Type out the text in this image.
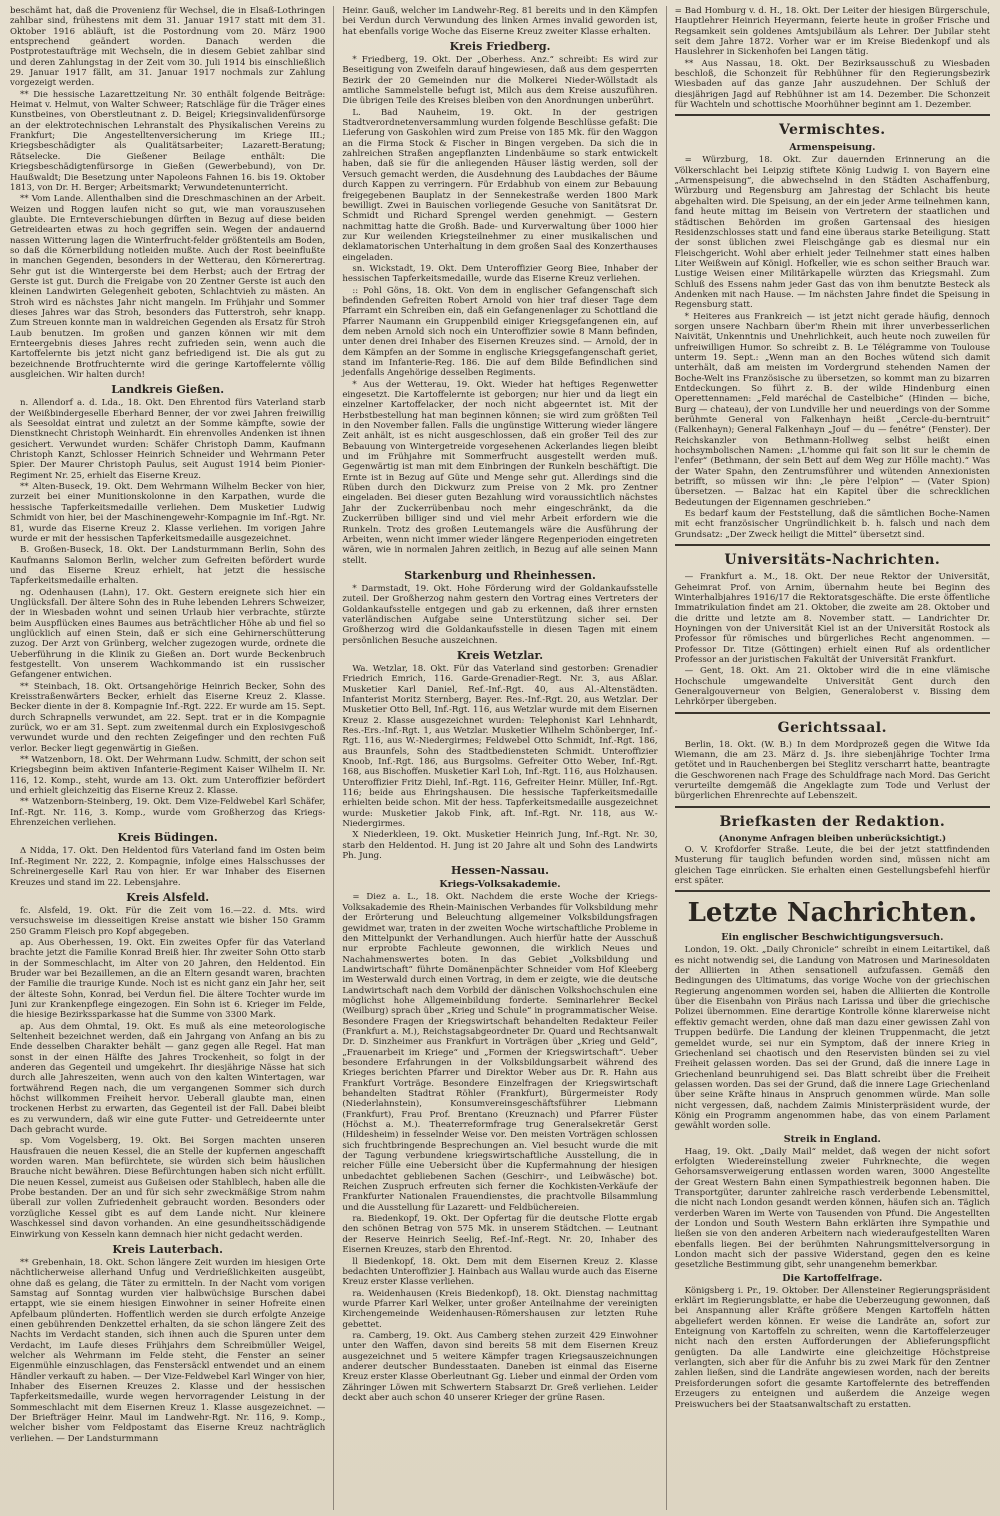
beschämt hat, daß die Provenienz für Wechsel, die in Elsaß-Lothringen zahlbar sind, frühestens mit dem 31. Januar 1917 statt mit dem 31. Oktober 1916 abläuft, ist die Postordnung vom 20. März 1900 entsprechend geändert worden. Danach werden die Postprotestaufträge mit Wechseln, die in diesem Gebiet zahlbar sind und deren Zahlungstag in der Zeit vom 30. Juli 1914 bis einschließlich 29. Januar 1917 fällt, am 31. Januar 1917 nochmals zur Zahlung vorgezeigt werden.

** Die hessische Lazarettzeitung Nr. 30 enthält folgende Beiträge: Heimat v. Helmut, von Walter Schweer; Ratschläge für die Träger eines Kunstbeines, von Oberstleutnant z. D. Beigel; Kriegsinvalidenfürsorge an der elektrotechnischen Lehranstalt des Physikalischen Vereins zu Frankfurt; Die Angestelltenversicherung im Kriege III.; Kriegsbeschädigter als Qualitätsarbeiter; Lazarett-Beratung; Rätselecke. Die Gießener Beilage enthält: Die Kriegsbeschädigtenfürsorge in Gießen (Gewerbebund), von Dr. Haußwaldt; Die Besetzung unter Napoleons Fahnen 16. bis 19. Oktober 1813, von Dr. H. Berger; Arbeitsmarkt; Verwundetenunterricht.

** Vom Lande. Allenthalben sind die Dreschmaschinen an der Arbeit. Weizen und Roggen laufen nicht so gut, wie man vorauszusehen glaubte. Die Ernteverschiebungen dürften in Bezug auf diese beiden Getreidearten etwas zu hoch gegriffen sein. Wegen der andauernd nassen Witterung lagen die Winterfrucht-felder größtenteils am Boden, so daß die Körnerbildung notleiden mußte. Auch der Rost beeinflußte in manchen Gegenden, besonders in der Wetterau, den Körnerertrag. Sehr gut ist die Wintergerste bei dem Herbst; auch der Ertrag der Gerste ist gut. Durch die Freigabe von 20 Zentner Gerste ist auch den kleinen Landwirten Gelegenheit geboten, Schlachtvieh zu mästen. An Stroh wird es nächstes Jahr nicht mangeln. Im Frühjahr und Sommer dieses Jahres war das Stroh, besonders das Futterstroh, sehr knapp. Zum Streuen konnte man in waldreichen Gegenden als Ersatz für Stroh Laub benutzen. Im großen und ganzen können wir mit dem Ernteergebnis dieses Jahres recht zufrieden sein, wenn auch die Kartoffelernte bis jetzt nicht ganz befriedigend ist. Die als gut zu bezeichnende Brotfruchternte wird die geringe Kartoffelernte völlig ausgleichen. Wir halten durch!

Landkreis Gießen.

n. Allendorf a. d. Lda., 18. Okt. Den Ehrentod fürs Vaterland starb der Weißbindergeselle Eberhard Benner, der vor zwei Jahren freiwillig als Seesoldat eintrat und zuletzt an der Somme kämpfte, sowie der Dienstknecht Christoph Weinhardt. Ein ehrenvolles Andenken ist ihnen gesichert. Verwundet wurden: Schäfer Christoph Damm, Kaufmann Christoph Kanzt, Schlosser Heinrich Schneider und Wehrmann Peter Spier. Der Maurer Christoph Paulus, seit August 1914 beim Pionier-Regiment Nr. 25, erhielt das Eiserne Kreuz.

** Alten-Buseck, 19. Okt. Dem Wehrmann Wilhelm Becker von hier, zurzeit bei einer Munitionskolonne in den Karpathen, wurde die hessische Tapferkeitsmedaille verliehen. Dem Musketier Ludwig Schmidt von hier, bei der Maschinengewehr-Kompagnie im Inf.-Rgt. Nr. 81, wurde das Eiserne Kreuz 2. Klasse verliehen. Im vorigen Jahre wurde er mit der hessischen Tapferkeitsmedaille ausgezeichnet.

B. Großen-Buseck, 18. Okt. Der Landsturmmann Berlin, Sohn des Kaufmanns Salomon Berlin, welcher zum Gefreiten befördert wurde und das Eiserne Kreuz erhielt, hat jetzt die hessische Tapferkeitsmedaille erhalten.

ng. Odenhausen (Lahn), 17. Okt. Gestern ereignete sich hier ein Unglücksfall. Der ältere Sohn des in Ruhe lebenden Lehrers Schweizer, der in Wiesbaden wohnt und seinen Urlaub hier verbrachte, stürzte beim Auspflücken eines Baumes aus beträchtlicher Höhe ab und fiel so unglücklich auf einen Stein, daß er sich eine Gehirnerschütterung zuzog. Der Arzt von Grünberg, welcher zugezogen wurde, ordnete die Ueberführung in die Klinik zu Gießen an. Dort wurde Beckenbruch festgestellt. Von unserem Wachkommando ist ein russischer Gefangener entwichen.

** Steinbach, 18. Okt. Ortsangehörige Heinrich Becker, Sohn des Kreisstraßenwärters Becker, erhielt das Eiserne Kreuz 2. Klasse. Becker diente in der 8. Kompagnie Inf.-Rgt. 222. Er wurde am 15. Sept. durch Schrapnells verwundet, am 22. Sept. trat er in die Kompagnie zurück, wo er am 31. Sept. zum zweitenmal durch ein Explosivgeschoß verwundet wurde und den rechten Zeigefinger und den rechten Fuß verlor. Becker liegt gegenwärtig in Gießen.

** Watzenborn, 18. Okt. Der Wehrmann Ludw. Schmitt, der schon seit Kriegsbeginn beim aktiven Infanterie-Regiment Kaiser Wilhelm II. Nr. 116, 12. Komp., steht, wurde am 13. Okt. zum Unteroffizier befördert und erhielt gleichzeitig das Eiserne Kreuz 2. Klasse.

** Watzenborn-Steinberg, 19. Okt. Dem Vize-Feldwebel Karl Schäfer, Inf.-Rgt. Nr. 116, 3. Komp., wurde vom Großherzog das Kriegs-Ehrenzeichen verliehen.

Kreis Büdingen.

Δ Nidda, 17. Okt. Den Heldentod fürs Vaterland fand im Osten beim Inf.-Regiment Nr. 222, 2. Kompagnie, infolge eines Halsschusses der Schreinergeselle Karl Rau von hier. Er war Inhaber des Eisernen Kreuzes und stand im 22. Lebensjahre.

Kreis Alsfeld.

fc. Alsfeld, 19. Okt. Für die Zeit vom 16.—22. d. Mts. wird versuchsweise im diesseitigen Kreise anstatt wie bisher 150 Gramm 250 Gramm Fleisch pro Kopf abgegeben.

ap. Aus Oberhessen, 19. Okt. Ein zweites Opfer für das Vaterland brachte jetzt die Familie Konrad Breiß hier. Ihr zweiter Sohn Otto starb in der Sommeschlacht, im Alter von 20 Jahren, den Heldentod. Ein Bruder war bei Bezaillemen, an die an Eltern gesandt waren, brachten der Familie die traurige Kunde. Noch ist es nicht ganz ein Jahr her, seit der älteste Sohn, Konrad, bei Verdun fiel. Die ältere Tochter wurde im Juni zur Krankenpflege eingezogen. Ein Sohn ist 6. Krieger im Felde, die hiesige Bezirkssparkasse hat die Summe von 3300 Mark.

ap. Aus dem Ohmtal, 19. Okt. Es muß als eine meteorologische Seltenheit bezeichnet werden, daß ein Jahrgang von Anfang an bis zu Ende desselben Charakter behält — ganz gegen alle Regel. Hat man sonst in der einen Hälfte des Jahres Trockenheit, so folgt in der anderen das Gegenteil und umgekehrt. Ihr diesjährige Nässe hat sich durch alle Jahreszeiten, wenn auch von den kalten Wintertagen, war fortwährend Regen nach, die um vergangenen Sommer sich durch höchst willkommen Freiheit hervor. Ueberall glaubte man, einen trockenen Herbst zu erwarten, das Gegenteil ist der Fall. Dabei bleibt es zu verwundern, daß wir eine gute Futter- und Getreideernte unter Dach gebracht wurde.

sp. Vom Vogelsberg, 19. Okt. Bei Sorgen machten unseren Hausfrauen die neuen Kessel, die an Stelle der kupfernen angeschafft worden waren. Man befürchtete, sie würden sich beim häuslichen Brauche nicht bewähren. Diese Befürchtungen haben sich nicht erfüllt. Die neuen Kessel, zumeist aus Gußeisen oder Stahlblech, haben alle die Probe bestanden. Der an und für sich sehr zweckmäßige Strom nahm überall zur vollen Zufriedenheit gebraucht worden. Besonders oder vorzügliche Kessel gibt es auf dem Lande nicht. Nur kleinere Waschkessel sind davon vorhanden. An eine gesundheitsschädigende Einwirkung von Kesseln kann demnach hier nicht gedacht werden.

Kreis Lauterbach.

** Grebenhain, 18. Okt. Schon längere Zeit wurden im hiesigen Orte nächtlicherweise allerhand Unfug und Verdrießlichkeiten ausgeübt, ohne daß es gelang, die Täter zu ermitteln. In der Nacht vom vorigen Samstag auf Sonntag wurden vier halbwüchsige Burschen dabei ertappt, wie sie einem hiesigen Einwohner in seiner Hofreite einen Apfelbaum plünderten. Hoffentlich werden sie durch erfolgte Anzeige einen gebührenden Denkzettel erhalten, da sie schon längere Zeit des Nachts im Verdacht standen, sich ihnen auch die Spuren unter dem Verdacht, im Laufe dieses Frühjahrs dem Schreibmüller Weigel, welcher als Wehrmann im Felde steht, die Fenster an seiner Eigenmühle einzuschlagen, das Fenstersäckl entwendet und an einem Händler verkauft zu haben. — Der Vize-Feldwebel Karl Winger von hier, Inhaber des Eisernen Kreuzes 2. Klasse und der hessischen Tapferkeitsmedaille, wurde wegen hervorragender Leistung in der Sommeschlacht mit dem Eisernen Kreuz 1. Klasse ausgezeichnet. — Der Briefträger Heinr. Maul im Landwehr-Rgt. Nr. 116, 9. Komp., welcher bisher vom Feldpostamt das Eiserne Kreuz nachträglich verliehen. — Der Landsturmmann

Heinr. Gauß, welcher im Landwehr-Reg. 81 bereits und in den Kämpfen bei Verdun durch Verwundung des linken Armes invalid geworden ist, hat ebenfalls vorige Woche das Eiserne Kreuz zweiter Klasse erhalten.

Kreis Friedberg.

* Friedberg, 19. Okt. Der „Oberhess. Anz.“ schreibt: Es wird zur Beseitigung von Zweifeln darauf hingewiesen, daß aus dem gesperrten Bezirk der 20 Gemeinden nur die Molkerei Nieder-Wöllstadt als amtliche Sammelstelle befugt ist, Milch aus dem Kreise auszuführen. Die übrigen Teile des Kreises bleiben von den Anordnungen unberührt.

L. Bad Nauheim, 19. Okt. In der gestrigen Stadtverordnetenversammlung wurden folgende Beschlüsse gefaßt: Die Lieferung von Gaskohlen wird zum Preise von 185 Mk. für den Waggon an die Firma Stock & Fischer in Bingen vergeben. Da sich die in zahlreichen Straßen angepflanzten Lindenbäume so stark entwickelt haben, daß sie für die anliegenden Häuser lästig werden, soll der Versuch gemacht werden, die Ausdehnung des Laubdaches der Bäume durch Kappen zu verringern. Für Erdabhub von einem zur Bebauung freigegebenen Bauplatz in der Sennekestraße werden 1800 Mark bewilligt. Zwei in Bauischen vorliegende Gesuche von Sanitätsrat Dr. Schmidt und Richard Sprengel werden genehmigt. — Gestern nachmittag hatte die Großh. Bade- und Kurverwaltung über 1000 hier zur Kur weilenden Kriegsteilnehmer zu einer musikalischen und deklamatorischen Unterhaltung in dem großen Saal des Konzerthauses eingeladen.

sn. Wickstadt, 19. Okt. Dem Unteroffizier Georg Biee, Inhaber der hessischen Tapferkeitsmedaille, wurde das Eiserne Kreuz verliehen.

:: Pohl Göns, 18. Okt. Von dem in englischer Gefangenschaft sich befindenden Gefreiten Robert Arnold von hier traf dieser Tage dem Pfarramt ein Schreiben ein, daß ein Gefangenenlager zu Schottland die Pfarrer Naumann ein Gruppenbild einiger Kriegsgefangenen ein, auf dem neben Arnold sich noch ein Unteroffizier sowie 8 Mann befinden, unter denen drei Inhaber des Eisernen Kreuzes sind. — Arnold, der in dem Kämpfen an der Somme in englische Kriegsgefangenschaft geriet, stand im Infanterie-Reg. 186. Die auf dem Bilde Befindlichen sind jedenfalls Angehörige desselben Regiments.

* Aus der Wetterau, 19. Okt. Wieder hat heftiges Regenwetter eingesetzt. Die Kartoffelernte ist geborgen; nur hier und da liegt ein einzelner Kartoffelacker, der noch nicht abgeerntet ist. Mit der Herbstbestellung hat man beginnen können; sie wird zum größten Teil in den November fallen. Falls die ungünstige Witterung wieder längere Zeit anhält, ist es nicht ausgeschlossen, daß ein großer Teil des zur Bebauung von Wintergetreide vorgesehenen Ackerlandes liegen bleibt und im Frühjahre mit Sommerfrucht ausgestellt werden muß. Gegenwärtig ist man mit dem Einbringen der Runkeln beschäftigt. Die Ernte ist in Bezug auf Güte und Menge sehr gut. Allerdings sind die Rüben durch den Dickwurz zum Preise von 2 Mk. pro Zentner eingeladen. Bei dieser guten Bezahlung wird voraussichtlich nächstes Jahr der Zuckerrübenbau noch mehr eingeschränkt, da die Zuckerrüben billiger sind und viel mehr Arbeit erfordern wie die Runkeln. Trotz des großen Leutemangels wäre die Ausführung der Arbeiten, wenn nicht immer wieder längere Regenperioden eingetreten wären, wie in normalen Jahren zeitlich, in Bezug auf alle seinen Mann stellt.

Starkenburg und Rheinhessen.

* Darmstadt, 19. Okt. Hohe Förderung wird der Goldankaufsstelle zuteil. Der Großherzog nahm gestern den Vortrag eines Vertreters der Goldankaufsstelle entgegen und gab zu erkennen, daß ihrer ernsten vaterländischen Aufgabe seine Unterstützung sicher sei. Der Großherzog wird die Goldankaufsstelle in diesen Tagen mit einem persönlichen Besuche auszeichnen.

Kreis Wetzlar.

Wa. Wetzlar, 18. Okt. Für das Vaterland sind gestorben: Grenadier Friedrich Emrich, 116. Garde-Grenadier-Regt. Nr. 3, aus Aßlar. Musketier Karl Daniel, Ref.-Inf.-Rgt. 40, aus Al.-Altenstädten. Infanterist Moritz Sternberg, Bayer. Res.-Inf.-Rgt. 20, aus Wetzlar. Der Musketier Otto Bell, Inf.-Rgt. 116, aus Wetzlar wurde mit dem Eisernen Kreuz 2. Klasse ausgezeichnet wurden: Telephonist Karl Lehnhardt, Res.-Ers.-Inf.-Rgt. 1, aus Wetzlar. Musketier Wilhelm Schönberger, Inf.-Rgt. 116, aus W.-Niedergirmes; Feldwebel Otto Schmidt, Inf.-Rgt. 186, aus Braunfels, Sohn des Stadtbediensteten Schmidt. Unteroffizier Knoob, Inf.-Rgt. 186, aus Burgsolms. Gefreiter Otto Weber, Inf.-Rgt. 168, aus Bischoffen. Musketier Karl Loh, Inf.-Rgt. 116, aus Holzhausen. Unteroffizier Fritz Diehl, Inf.-Rgt. 116, Gefreiter Heinr. Müller, Inf.-Rgt. 116; beide aus Ehringshausen. Die hessische Tapferkeitsmedaille erhielten beide schon. Mit der hess. Tapferkeitsmedaille ausgezeichnet wurde: Musketier Jakob Fink, aft. Inf.-Rgt. Nr. 118, aus W.-Niedergirmes.

X Niederkleen, 19. Okt. Musketier Heinrich Jung, Inf.-Rgt. Nr. 30, starb den Heldentod. H. Jung ist 20 Jahre alt und Sohn des Landwirts Ph. Jung.

Hessen-Nassau.
Kriegs-Volksakademie.

= Diez a. L., 18. Okt. Nachdem die erste Woche der Kriegs-Volksakademie des Rhein-Mainischen Verbandes für Volksbildung mehr der Erörterung und Beleuchtung allgemeiner Volksbildungsfragen gewidmet war, traten in der zweiten Woche wirtschaftliche Probleme in den Mittelpunkt der Verhandlungen. Auch hierfür hatte der Ausschuß nur erprobte Fachleute gewonnen, die wirklich Neues und Nachahmenswertes boten. In das Gebiet „Volksbildung und Landwirtschaft“ führte Domänenpächter Schneider vom Hof Kleeberg im Westerwald durch einen Vortrag, in dem er zeigte, wie die deutsche Landwirtschaft nach dem Vorbild der dänischen Volkshochschulen eine möglichst hohe Allgemeinbildung forderte. Seminarlehrer Beckel (Weilburg) sprach über „Krieg und Schule“ in programmatischer Weise. Besondere Fragen der Kriegswirtschaft behandelten Redakteur Feiler (Frankfurt a. M.), Reichstagsabgeordneter Dr. Quard und Rechtsanwalt Dr. D. Sinzheimer aus Frankfurt in Vorträgen über „Krieg und Geld“, „Frauenarbeit im Kriege“ und „Formen der Kriegswirtschaft“. Ueber besondere Erfahrungen in der Volksbildungsarbeit während des Krieges berichten Pfarrer und Direktor Weber aus Dr. R. Hahn aus Frankfurt Vorträge. Besondere Einzelfragen der Kriegswirtschaft behandelten Stadtrat Röhler (Frankfurt), Bürgermeister Rody (Niederlahnstein), Konsumvereinsgeschäftsführer Liebmann (Frankfurt), Frau Prof. Brentano (Kreuznach) und Pfarrer Füster (Höchst a. M.). Theaterreformfrage trug Generalsekretär Gerst (Hildesheim) in fesselnder Weise vor. Den meisten Vorträgen schlossen sich fruchtbringende Besprechungen an. Viel besucht wurde die mit der Tagung verbundene kriegswirtschaftliche Ausstellung, die in reicher Fülle eine Uebersicht über die Kupfermahnung der hiesigen unbedachtet gebliebenen Sachen (Geschirr-, und Leibwäsche) bot. Reichen Zuspruch erfreuten sich ferner die Kochkisten-Verkäufe der Frankfurter Nationalen Frauendienstes, die prachtvolle Bilsammlung und die Ausstellung für Lazarett- und Feldbüchereien.

ra. Biedenkopf, 19. Okt. Der Opfertag für die deutsche Flotte ergab den schönen Betrag von 575 Mk. in unserem Städtchen. — Leutnant der Reserve Heinrich Seelig, Ref.-Inf.-Regt. Nr. 20, Inhaber des Eisernen Kreuzes, starb den Ehrentod.

ll Biedenkopf, 18. Okt. Dem mit dem Eisernen Kreuz 2. Klasse bedachten Unteroffizier J. Hainbach aus Wallau wurde auch das Eiserne Kreuz erster Klasse verliehen.

ra. Weidenhausen (Kreis Biedenkopf), 18. Okt. Dienstag nachmittag wurde Pfarrer Karl Welker, unter großer Anteilnahme der vereinigten Kirchengemeinde Weidenhausen-Römershausen zur letzten Ruhe gebettet.

ra. Camberg, 19. Okt. Aus Camberg stehen zurzeit 429 Einwohner unter den Waffen, davon sind bereits 58 mit dem Eisernen Kreuz ausgezeichnet und 5 weitere Kämpfer tragen Kriegsauszeichnungen anderer deutscher Bundesstaaten. Daneben ist einmal das Eiserne Kreuz erster Klasse Oberleutnant Gg. Lieber und einmal der Orden vom Zähringer Löwen mit Schwertern Stabsarzt Dr. Greß verliehen. Leider deckt aber auch schon 40 unserer Krieger der grüne Rasen.

= Bad Homburg v. d. H., 18. Okt. Der Leiter der hiesigen Bürgerschule, Hauptlehrer Heinrich Heyermann, feierte heute in großer Frische und Regsamkeit sein goldenes Amtsjubiläum als Lehrer. Der Jubilar steht seit dem Jahre 1872. Vorher war er im Kreise Biedenkopf und als Hauslehrer in Sickenhofen bei Langen tätig.

** Aus Nassau, 18. Okt. Der Bezirksausschuß zu Wiesbaden beschloß, die Schonzeit für Rebhühner für den Regierungsbezirk Wiesbaden auf das ganze Jahr auszudehnen. Der Schluß der diesjährigen Jagd auf Rebhühner ist am 14. Dezember. Die Schonzeit für Wachteln und schottische Moorhühner beginnt am 1. Dezember.

Vermischtes.
Armenspeisung.

= Würzburg, 18. Okt. Zur dauernden Erinnerung an die Völkerschlacht bei Leipzig stiftete König Ludwig I. von Bayern eine „Armenspeisung“, die abwechselnd in den Städten Aschaffenburg, Würzburg und Regensburg am Jahrestag der Schlacht bis heute abgehalten wird. Die Speisung, an der ein jeder Arme teilnehmen kann, fand heute mittag im Beisein von Vertretern der staatlichen und städtischen Behörden im großen Gartensaal des hiesigen Residenzschlosses statt und fand eine überaus starke Beteiligung. Statt der sonst üblichen zwei Fleischgänge gab es diesmal nur ein Fleischgericht. Wohl aber erhielt jeder Teilnehmer statt eines halben Liter Weißwein auf Königl. Hofkeller, wie es schon seither Brauch war. Lustige Weisen einer Militärkapelle würzten das Kriegsmahl. Zum Schluß des Essens nahm jeder Gast das von ihm benutzte Besteck als Andenken mit nach Hause. — Im nächsten Jahre findet die Speisung in Regensburg statt.

* Heiteres aus Frankreich — ist jetzt nicht gerade häufig, dennoch sorgen unsere Nachbarn über'm Rhein mit ihrer unverbesserlichen Naivität, Unkenntnis und Unehrlichkeit, auch heute noch zuweilen für unfreiwilligen Humor. So schreibt z. B. Le Télégramme von Toulouse unterm 19. Sept.: „Wenn man an den Boches wütend sich damit unterhält, daß am meisten im Vordergrund stehenden Namen der Boche-Welt ins Französische zu übersetzen, so kommt man zu bizarren Entdeckungen. So führt z. B. der wilde Hindenburg einen Operettennamen: „Feld maréchal de Castelbiche“ (Hinden — biche, Burg — chateau), der von Lundville her und neuerdings von der Somme berühmte General von Falkenhayn heißt „Cercle-du-berntruit“ (Falkenhayn); General Falkenhayn „Jouf — du — fenétre“ (Fenster). Der Reichskanzler von Bethmann-Hollweg selbst heißt einen hochsymbolischen Namen: „L'homme qui fait son lit sur le chemin de l'enfer“ (Bethmann, der sein Bett auf dem Weg zur Hölle macht).“ Was der Water Spahn, den Zentrumsführer und wütenden Annexionisten betrifft, so müssen wir ihn: „le père l'elpion“ — (Vater Spion) übersetzen. — Balzac hat ein Kapitel über die schrecklichen Bedeutungen der Eigennamen geschrieben.“

Es bedarf kaum der Feststellung, daß die sämtlichen Boche-Namen mit echt französischer Ungründlichkeit b. h. falsch und nach dem Grundsatz: „Der Zweck heiligt die Mittel“ übersetzt sind.

Universitäts-Nachrichten.

— Frankfurt a. M., 18. Okt. Der neue Rektor der Universität, Geheimrat Prof. von Arnim, übernahm heute bei Beginn des Winterhalbjahres 1916/17 die Rektoratsgeschäfte. Die erste öffentliche Immatrikulation findet am 21. Oktober, die zweite am 28. Oktober und die dritte und letzte am 8. November statt. — Landrichter Dr. Hoyningen von der Universität Kiel ist an der Universität Rostock als Professor für römisches und bürgerliches Recht angenommen. — Professor Dr. Titze (Göttingen) erhielt einen Ruf als ordentlicher Professor an der juristischen Fakultät der Universität Frankfurt.

— Gent, 18. Okt. Am 21. Oktober wird die in eine vlämische Hochschule umgewandelte Universität Gent durch den Generalgouverneur von Belgien, Generaloberst v. Bissing dem Lehrkörper übergeben.

Gerichtssaal.

Berlin, 18. Okt. (W. B.) In dem Mordprozeß gegen die Witwe Ida Wiemann, die am 23. März d. Js. ihre siebenjährige Tochter Irma getötet und in Rauchenbergen bei Steglitz verscharrt hatte, beantragte die Geschworenen nach Frage des Schuldfrage nach Mord. Das Gericht verurteilte demgemäß die Angeklagte zum Tode und Verlust der bürgerlichen Ehrenrechte auf Lebenszeit.

Briefkasten der Redaktion.
(Anonyme Anfragen bleiben unberücksichtigt.)

O. V. Krofdorfer Straße. Leute, die bei der jetzt stattfindenden Musterung für tauglich befunden worden sind, müssen nicht am gleichen Tage einrücken. Sie erhalten einen Gestellungsbefehl hierfür erst später.

Letzte Nachrichten.
Ein englischer Beschwichtigungsversuch.

London, 19. Okt. „Daily Chronicle“ schreibt in einem Leitartikel, daß es nicht notwendig sei, die Landung von Matrosen und Marinesoldaten der Alliierten in Athen sensationell aufzufassen. Gemäß den Bedingungen des Ultimatums, das vorige Woche von der griechischen Regierung angenommen worden sei, haben die Alliierten die Kontrolle über die Eisenbahn von Piräus nach Larissa und über die griechische Polizei übernommen. Eine derartige Kontrolle könne klarerweise nicht effektiv gemacht werden, ohne daß man dazu einer gewissen Zahl von Truppen bedürfe. Die Landung der kleinen Truppenmacht, die jetzt gemeldet wurde, sei nur ein Symptom, daß der innere Krieg in Griechenland sei chaotisch und den Reservisten bünden sei zu viel Freiheit gelassen worden. Das sei der Grund, daß die innere Lage in Griechenland beunruhigend sei. Das Blatt schreibt über die Freiheit gelassen worden. Das sei der Grund, daß die innere Lage Griechenland über seine Kräfte hinaus in Anspruch genommen würde. Man solle nicht vergessen, daß, nachdem Zaimis Ministerpräsident wurde, der König ein Programm angenommen habe, das von einem Parlament gewählt worden solle.

Streik in England.

Haag, 19. Okt. „Daily Mail“ meldet, daß wegen der nicht sofort erfolgten Wiedereinstellung zweier Fuhrknechte, die wegen Gehorsamsverweigerung entlassen worden waren, 3000 Angestellte der Great Western Bahn einen Sympathiestreik begonnen haben. Die Transportgüter, darunter zahlreiche rasch verderbende Lebensmittel, die nicht nach London gesandt werden können, häufen sich an. Täglich verderben Waren im Werte von Tausenden von Pfund. Die Angestellten der London und South Western Bahn erklärten ihre Sympathie und ließen sie von den anderen Arbeitern nach wiederaufgestellten Waren ebenfalls liegen. Bei der berühmten Nahrungsmittelversorgung in London macht sich der passive Widerstand, gegen den es keine gesetzliche Bestimmung gibt, sehr unangenehm bemerkbar.

Die Kartoffelfrage.

Königsberg i. Pr., 19. Oktober. Der Allensteiner Regierungspräsident erklärt im Regierungsblatte, er habe die Ueberzeugung gewonnen, daß bei Anspannung aller Kräfte größere Mengen Kartoffeln hätten abgeliefert werden können. Er weise die Landräte an, sofort zur Enteignung von Kartoffeln zu schreiten, wenn die Kartoffelerzeuger nicht nach den ersten Aufforderungen der Ablieferungspflicht genügten. Da alle Landwirte eine gleichzeitige Höchstpreise verlangten, sich aber für die Anfuhr bis zu zwei Mark für den Zentner zahlen ließen, sind die Landräte angewiesen worden, nach der bereits Preisforderungen sofort die gesamte Kartoffelernte des betreffenden Erzeugers zu enteignen und außerdem die Anzeige wegen Preiswuchers bei der Staatsanwaltschaft zu erstatten.
